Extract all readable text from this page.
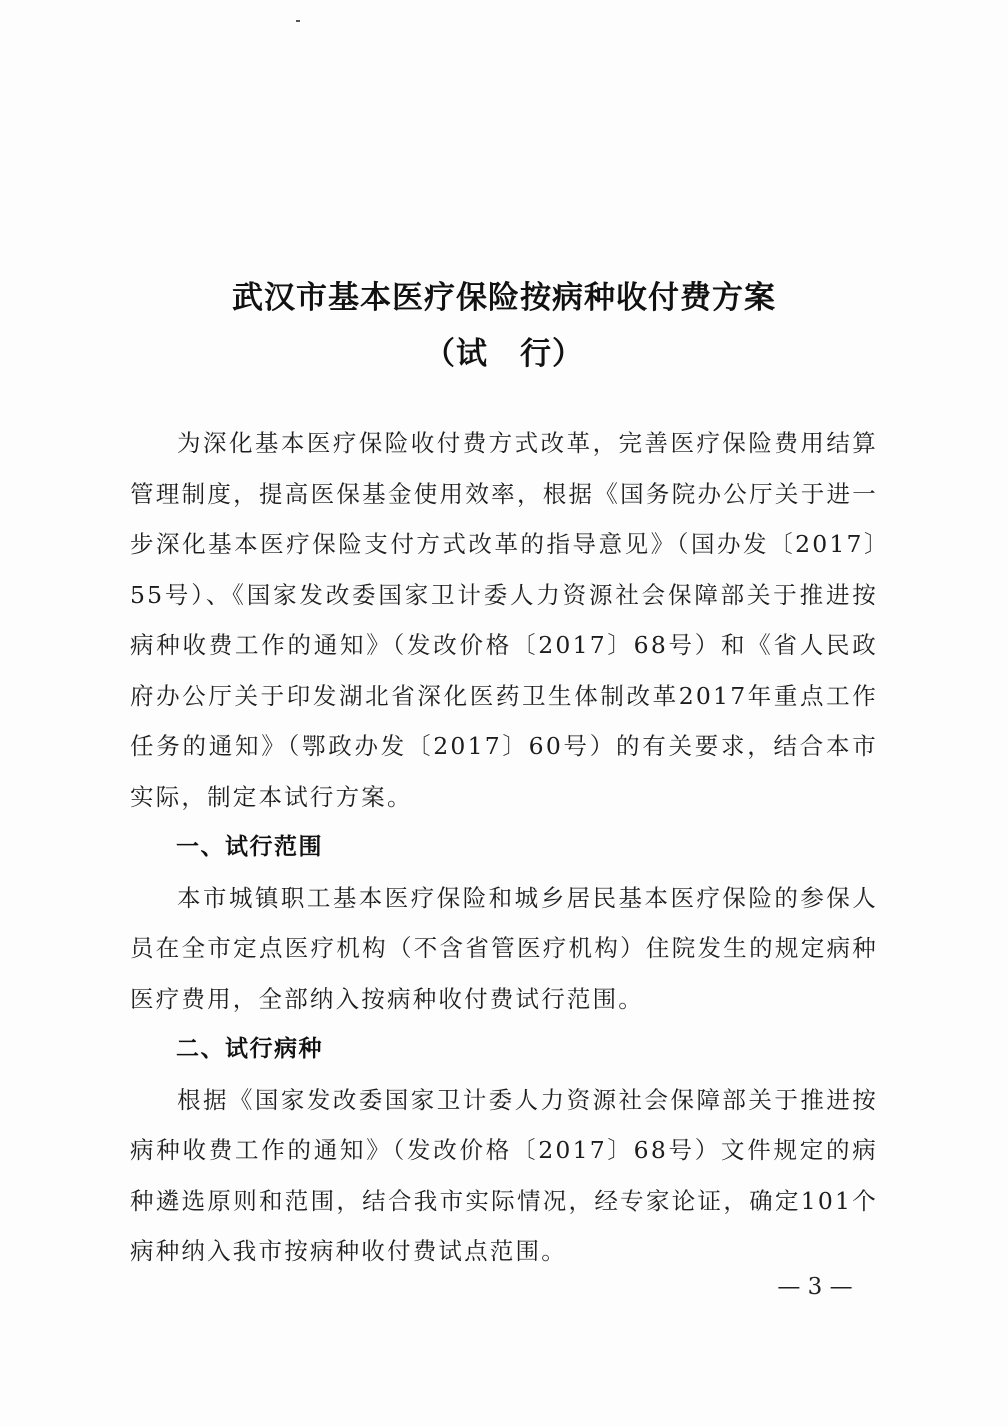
武汉市基本医疗保险按病种收付费方案
（试　行）

为深化基本医疗保险收付费方式改革，完善医疗保险费用结算管理制度，提高医保基金使用效率，根据《国务院办公厅关于进一步深化基本医疗保险支付方式改革的指导意见》（国办发〔2017〕55号）、《国家发改委国家卫计委人力资源社会保障部关于推进按病种收费工作的通知》（发改价格〔2017〕68号）和《省人民政府办公厅关于印发湖北省深化医药卫生体制改革2017年重点工作任务的通知》（鄂政办发〔2017〕60号）的有关要求，结合本市实际，制定本试行方案。

一、试行范围

本市城镇职工基本医疗保险和城乡居民基本医疗保险的参保人员在全市定点医疗机构（不含省管医疗机构）住院发生的规定病种医疗费用，全部纳入按病种收付费试行范围。

二、试行病种

根据《国家发改委国家卫计委人力资源社会保障部关于推进按病种收费工作的通知》（发改价格〔2017〕68号）文件规定的病种遴选原则和范围，结合我市实际情况，经专家论证，确定101个病种纳入我市按病种收付费试点范围。

— 3 —
